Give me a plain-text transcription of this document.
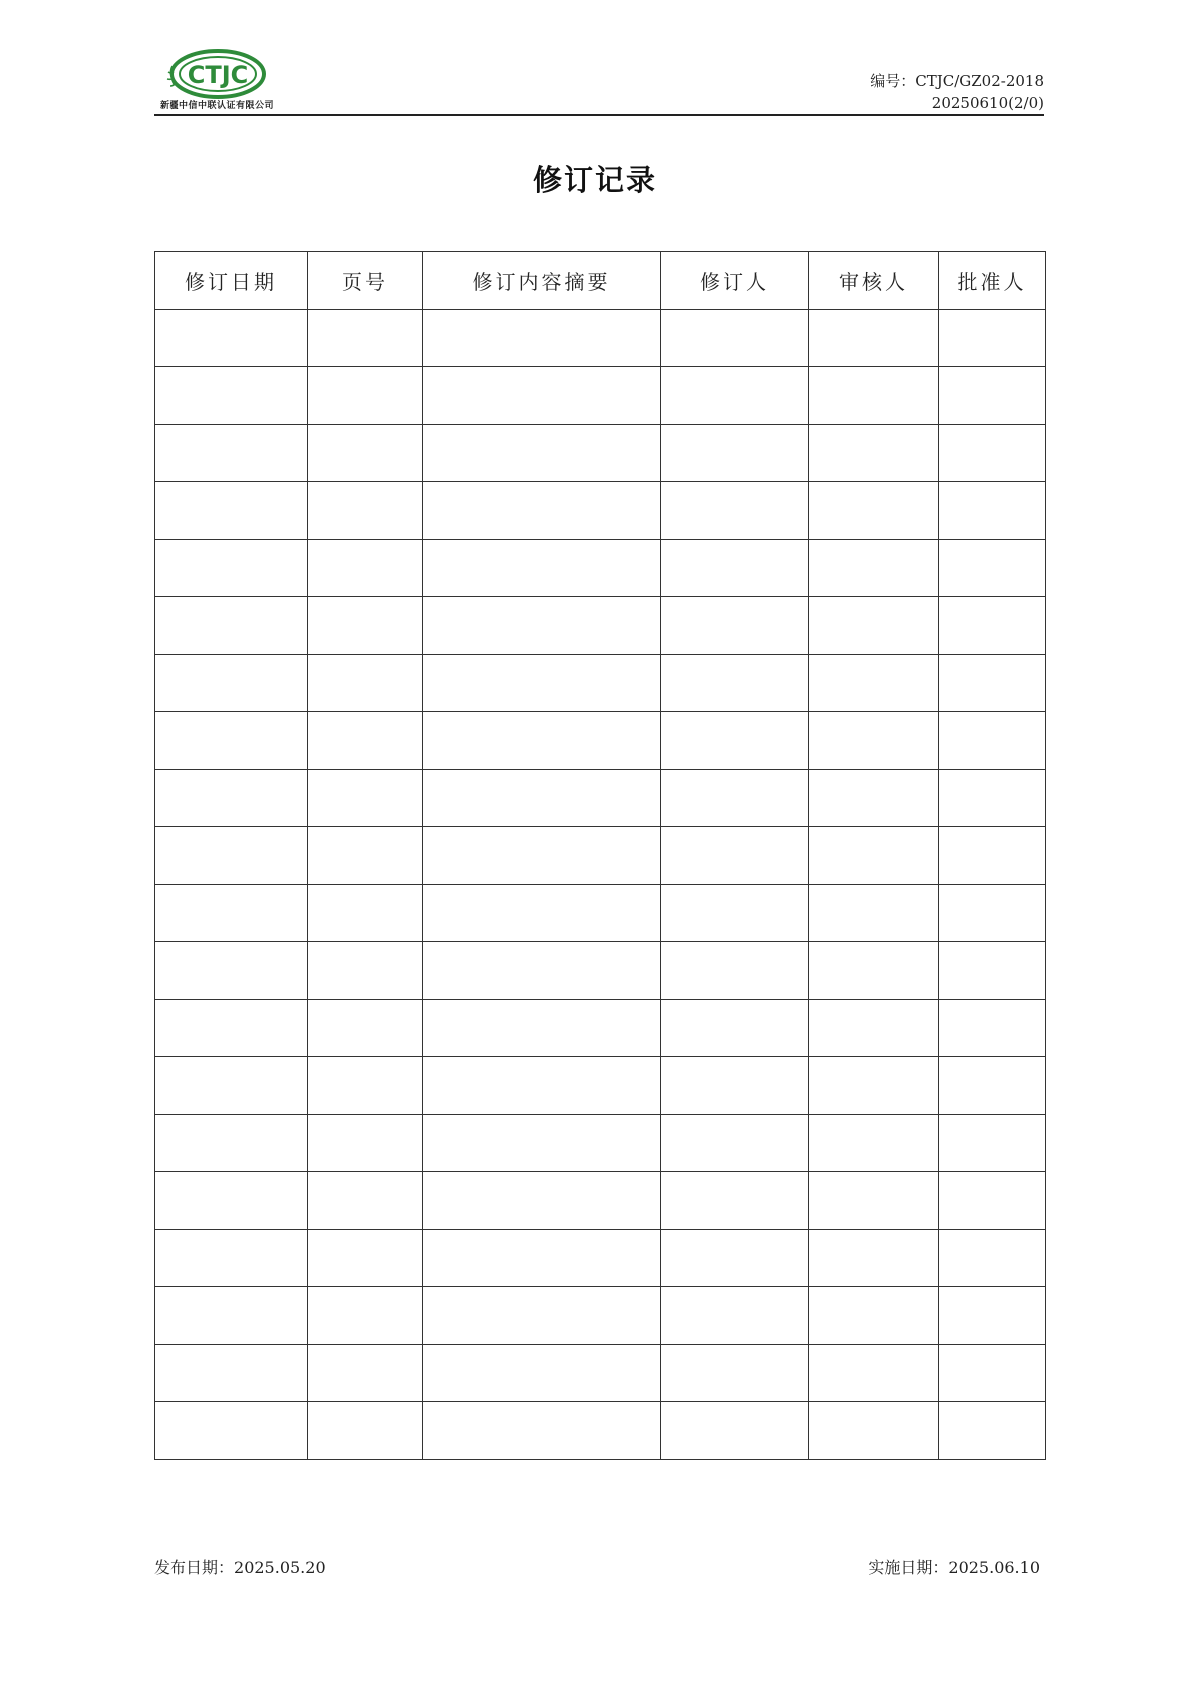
CTJC
新疆中信中联认证有限公司
编号：CTJC/GZ02-2018
20250610(2/0)
修订记录
修订日期	页号	修订内容摘要	修订人	审核人	批准人

发布日期：2025.05.20	实施日期：2025.06.10
